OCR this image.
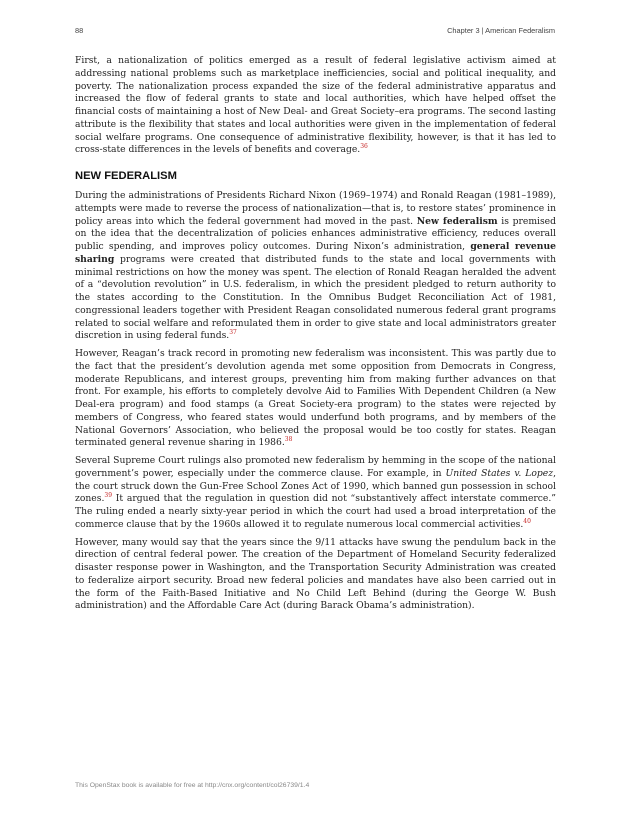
88	Chapter 3 | American Federalism

First, a nationalization of politics emerged as a result of federal legislative activism aimed at addressing national problems such as marketplace inefficiencies, social and political inequality, and poverty. The nationalization process expanded the size of the federal administrative apparatus and increased the flow of federal grants to state and local authorities, which have helped offset the financial costs of maintaining a host of New Deal- and Great Society–era programs. The second lasting attribute is the flexibility that states and local authorities were given in the implementation of federal social welfare programs. One consequence of administrative flexibility, however, is that it has led to cross-state differences in the levels of benefits and coverage.$^{36}$

NEW FEDERALISM

During the administrations of Presidents Richard Nixon (1969–1974) and Ronald Reagan (1981–1989), attempts were made to reverse the process of nationalization—that is, to restore states’ prominence in policy areas into which the federal government had moved in the past. New federalism is premised on the idea that the decentralization of policies enhances administrative efficiency, reduces overall public spending, and improves policy outcomes. During Nixon’s administration, general revenue sharing programs were created that distributed funds to the state and local governments with minimal restrictions on how the money was spent. The election of Ronald Reagan heralded the advent of a “devolution revolution” in U.S. federalism, in which the president pledged to return authority to the states according to the Constitution. In the Omnibus Budget Reconciliation Act of 1981, congressional leaders together with President Reagan consolidated numerous federal grant programs related to social welfare and reformulated them in order to give state and local administrators greater discretion in using federal funds.$^{37}$

However, Reagan’s track record in promoting new federalism was inconsistent. This was partly due to the fact that the president’s devolution agenda met some opposition from Democrats in Congress, moderate Republicans, and interest groups, preventing him from making further advances on that front. For example, his efforts to completely devolve Aid to Families With Dependent Children (a New Deal-era program) and food stamps (a Great Society-era program) to the states were rejected by members of Congress, who feared states would underfund both programs, and by members of the National Governors’ Association, who believed the proposal would be too costly for states. Reagan terminated general revenue sharing in 1986.38

Several Supreme Court rulings also promoted new federalism by hemming in the scope of the national government’s power, especially under the commerce clause. For example, in United States v. Lopez, the court struck down the Gun-Free School Zones Act of 1990, which banned gun possession in school zones.$^{39}$ It argued that the regulation in question did not “substantively affect interstate commerce.” The ruling ended a nearly sixty-year period in which the court had used a broad interpretation of the commerce clause that by the 1960s allowed it to regulate numerous local commercial activities.$^{40}$

However, many would say that the years since the 9/11 attacks have swung the pendulum back in the direction of central federal power. The creation of the Department of Homeland Security federalized disaster response power in Washington, and the Transportation Security Administration was created to federalize airport security. Broad new federal policies and mandates have also been carried out in the form of the Faith-Based Initiative and No Child Left Behind (during the George W. Bush administration) and the Affordable Care Act (during Barack Obama’s administration).

This OpenStax book is available for free at http://cnx.org/content/col26739/1.4
